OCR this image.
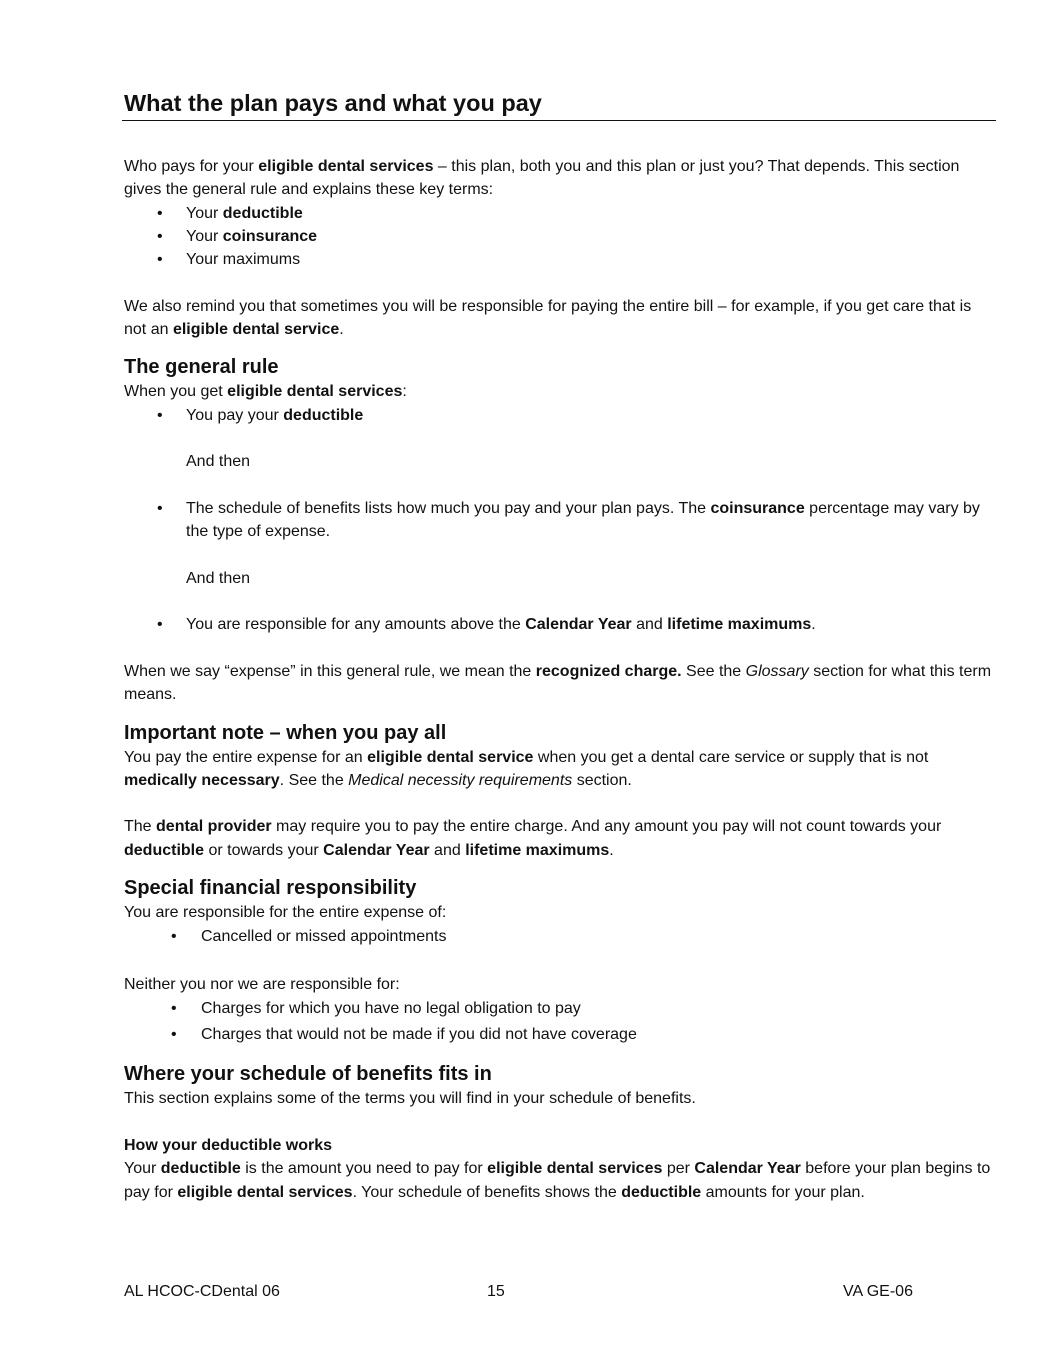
What the plan pays and what you pay

Who pays for your eligible dental services – this plan, both you and this plan or just you? That depends. This section gives the general rule and explains these key terms:

• Your deductible
• Your coinsurance
• Your maximums

We also remind you that sometimes you will be responsible for paying the entire bill – for example, if you get care that is not an eligible dental service.

The general rule

When you get eligible dental services:

• You pay your deductible
And then
• The schedule of benefits lists how much you pay and your plan pays. The coinsurance percentage may vary by the type of expense.
And then
• You are responsible for any amounts above the Calendar Year and lifetime maximums.

When we say “expense” in this general rule, we mean the recognized charge. See the Glossary section for what this term means.

Important note – when you pay all

You pay the entire expense for an eligible dental service when you get a dental care service or supply that is not medically necessary. See the Medical necessity requirements section.

The dental provider may require you to pay the entire charge. And any amount you pay will not count towards your deductible or towards your Calendar Year and lifetime maximums.

Special financial responsibility

You are responsible for the entire expense of:

• Cancelled or missed appointments

Neither you nor we are responsible for:

• Charges for which you have no legal obligation to pay
• Charges that would not be made if you did not have coverage
Where your schedule of benefits fits in

This section explains some of the terms you will find in your schedule of benefits.

How your deductible works

Your deductible is the amount you need to pay for eligible dental services per Calendar Year before your plan begins to pay for eligible dental services. Your schedule of benefits shows the deductible amounts for your plan.

AL HCOC-CDental 06	15	VA GE-06
